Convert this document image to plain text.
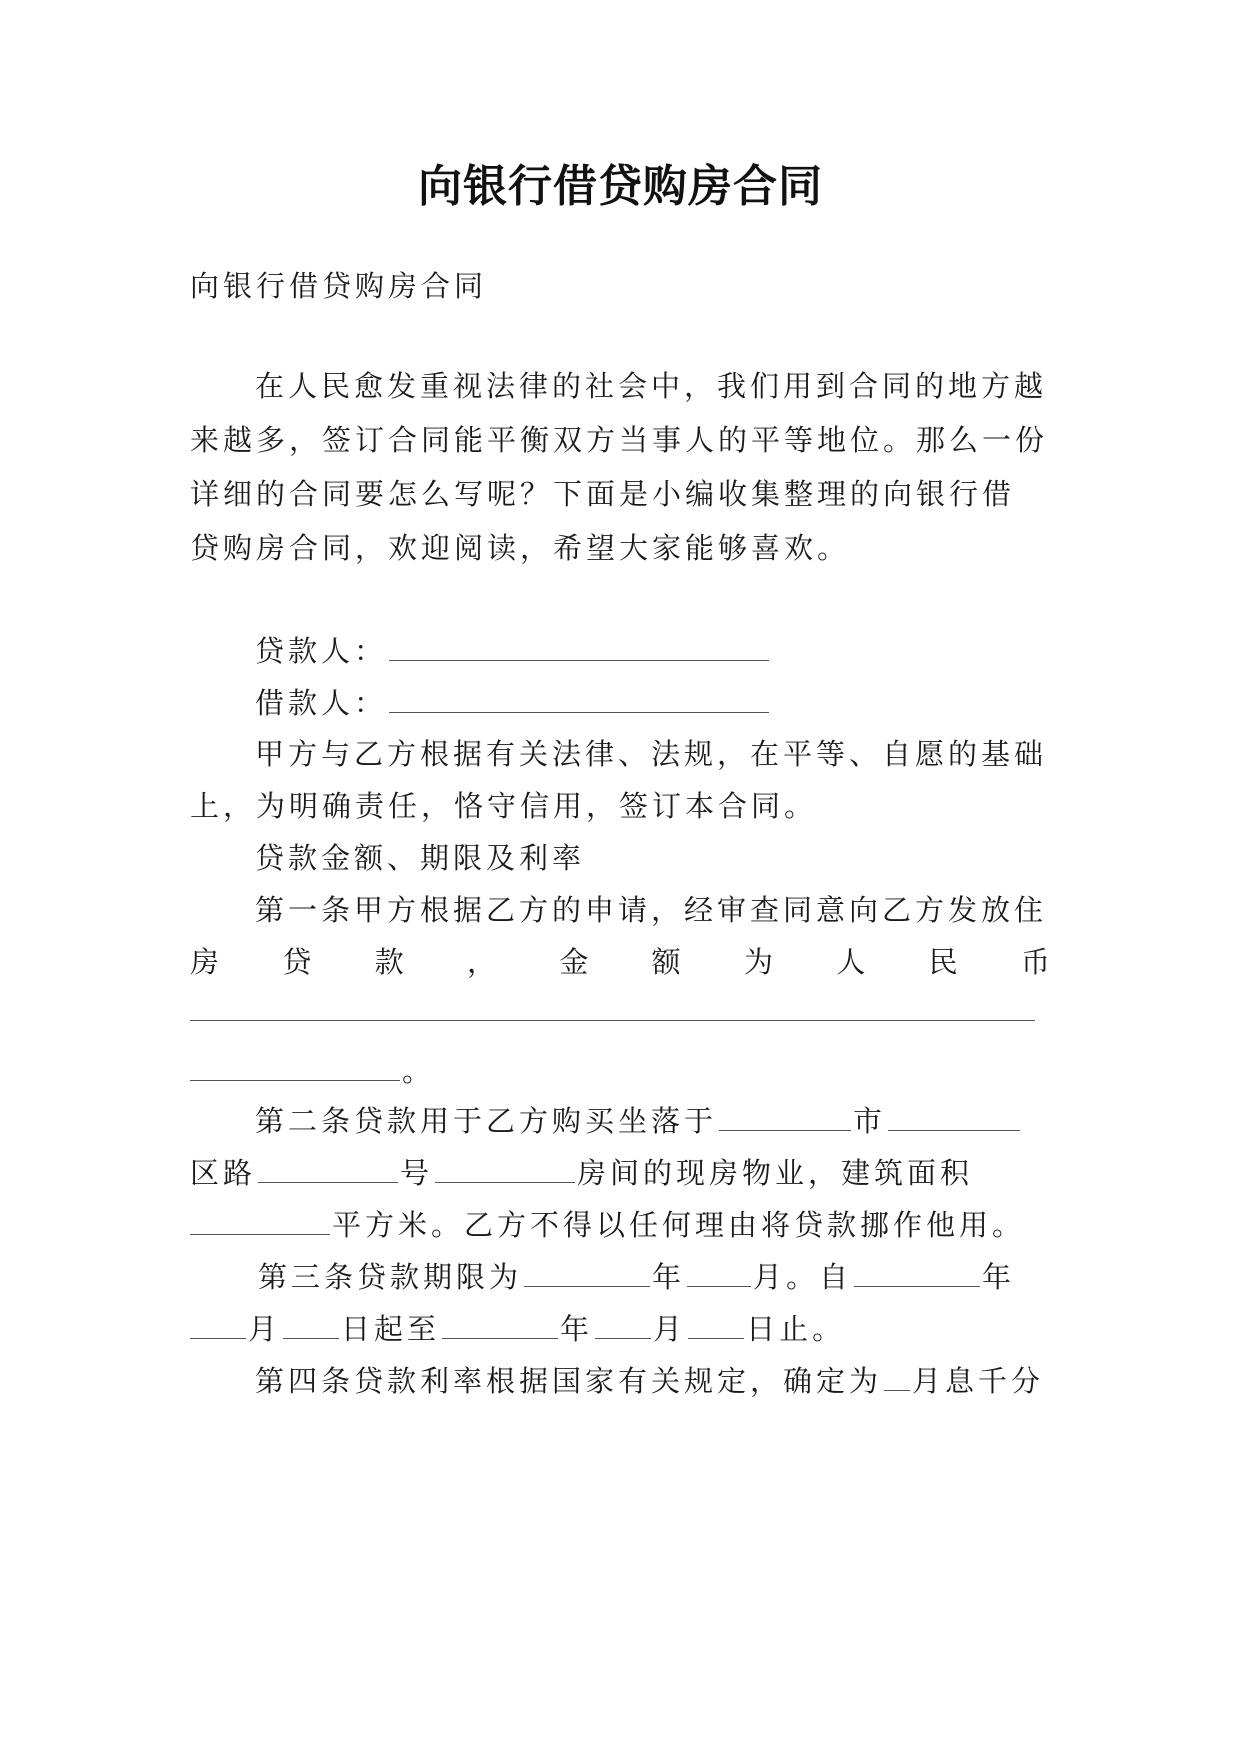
向银行借贷购房合同
向银行借贷购房合同
在人民愈发重视法律的社会中，我们用到合同的地方越
来越多，签订合同能平衡双方当事人的平等地位。那么一份
详细的合同要怎么写呢？下面是小编收集整理的向银行借
贷购房合同，欢迎阅读，希望大家能够喜欢。
贷款人：
借款人：
甲方与乙方根据有关法律、法规，在平等、自愿的基础
上，为明确责任，恪守信用，签订本合同。
贷款金额、期限及利率
第一条甲方根据乙方的申请，经审查同意向乙方发放住
房 贷 款 ， 金 额 为 人 民 币
。
第二条贷款用于乙方购买坐落于	市
区路	号	房间的现房物业，建筑面积
平方米。乙方不得以任何理由将贷款挪作他用。
第三条贷款期限为	年 月。自	年
月 日起至	年 月 日止。
第四条贷款利率根据国家有关规定，确定为 月息千分
